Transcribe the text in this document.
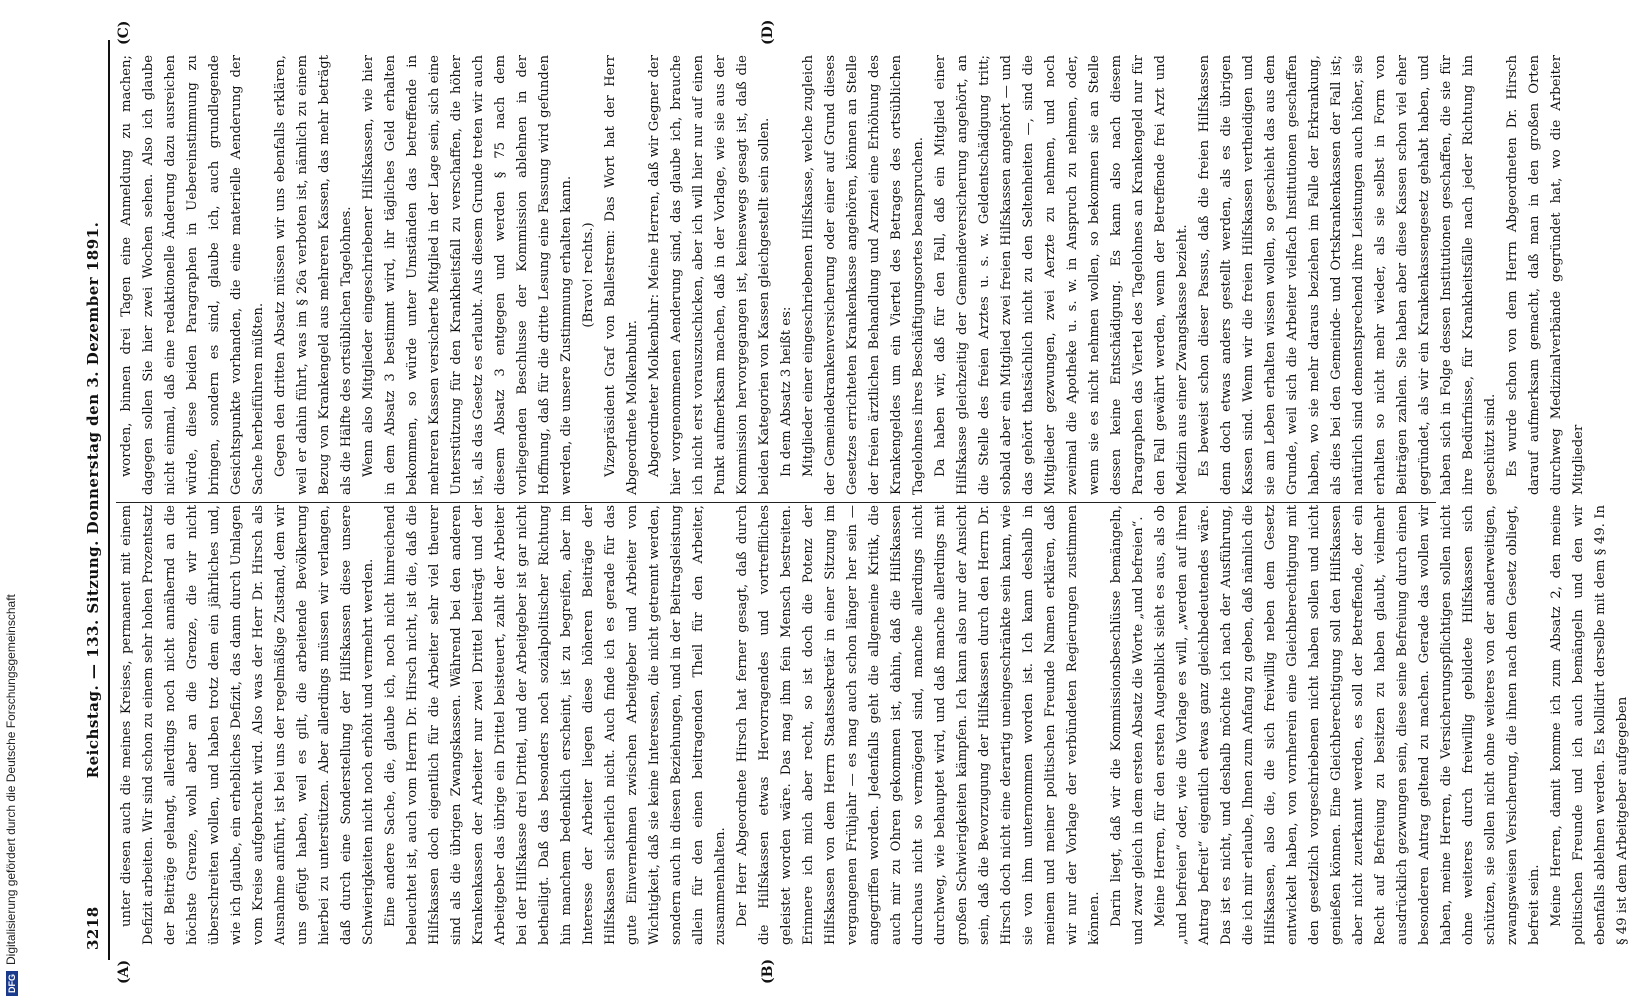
3218
Reichstag. — 133. Sitzung. Donnerstag den 3. Dezember 1891.
(A)	(B)
(C)	(D)

unter diesen auch die meines Kreises, permanent mit einem Defizit arbeiten. Wir sind schon zu einem sehr hohen Prozentsatz der Beiträge gelangt, allerdings noch nicht annähernd an die höchste Grenze, wohl aber an die Grenze, die wir nicht überschreiten wollen, und haben trotz dem ein jährliches und, wie ich glaube, ein erhebliches Defizit, das dann durch Umlagen vom Kreise aufgebracht wird. Also was der Herr Dr. Hirsch als Ausnahme anführt, ist bei uns der regelmäßige Zustand, dem wir uns gefügt haben, weil es gilt, die arbeitende Bevölkerung hierbei zu unterstützen. Aber allerdings müssen wir verlangen, daß durch eine Sonderstellung der Hilfskassen diese unsere Schwierigkeiten nicht noch erhöht und vermehrt werden. Eine andere Sache, die, glaube ich, noch nicht hinreichend beleuchtet ist, auch vom Herrn Dr. Hirsch nicht, ist die, daß die Hilfskassen doch eigentlich für die Arbeiter sehr viel theurer sind als die übrigen Zwangskassen. Während bei den anderen Krankenkassen der Arbeiter nur zwei Drittel beiträgt und der Arbeitgeber das übrige ein Drittel beisteuert, zahlt der Arbeiter bei der Hilfskasse drei Drittel, und der Arbeitgeber ist gar nicht betheiligt. Daß das besonders noch sozialpolitischer Richtung hin manchem bedenklich erscheint, ist zu begreifen, aber im Interesse der Arbeiter liegen diese höheren Beiträge der Hilfskassen sicherlich nicht. Auch finde ich es gerade für das gute Einvernehmen zwischen Arbeitgeber und Arbeiter von Wichtigkeit, daß sie keine Interessen, die nicht getrennt werden, sondern auch in diesen Beziehungen, und in der Beitragsleistung allein für den einen beitragenden Theil für den Arbeiter, zusammenhalten. Der Herr Abgeordnete Hirsch hat ferner gesagt, daß durch die Hilfskassen etwas Hervorragendes und vortreffliches geleistet worden wäre. Das mag ihm fein Mensch bestreiten. Erinnere ich mich aber recht, so ist doch die Potenz der Hilfskassen von dem Herrn Staatssekretär in einer Sitzung im vergangenen Frühjahr — es mag auch schon länger her sein — angegriffen worden. Jedenfalls geht die allgemeine Kritik, die auch mir zu Ohren gekommen ist, dahin, daß die Hilfskassen durchaus nicht so vermögend sind, manche allerdings nicht durchweg, wie behauptet wird, und daß manche allerdings mit großen Schwierigkeiten kämpfen. Ich kann also nur der Ansicht sein, daß die Bevorzugung der Hilfskassen durch den Herrn Dr. Hirsch doch nicht eine derartig uneingeschränkte sein kann, wie sie von ihm unternommen worden ist. Ich kann deshalb in meinem und meiner politischen Freunde Namen erklären, daß wir nur der Vorlage der verbündeten Regierungen zustimmen können. Darin liegt, daß wir die Kommissionsbeschlüsse bemängeln, und zwar gleich in dem ersten Absatz die Worte „und befreien“. Meine Herren, für den ersten Augenblick sieht es aus, als ob „und befreien“ oder, wie die Vorlage es will, „werden auf ihren Antrag befreit“ eigentlich etwas ganz gleichbedeutendes wäre. Das ist es nicht, und deshalb möchte ich nach der Ausführung, die ich mir erlaube, Ihnen zum Anfang zu geben, daß nämlich die Hilfskassen, also die, die sich freiwillig neben dem Gesetz entwickelt haben, von vornherein eine Gleichberechtigung mit den gesetzlich vorgeschriebenen nicht haben sollen und nicht genießen können. Eine Gleichberechtigung soll den Hilfskassen aber nicht zuerkannt werden, es soll der Betreffende, der ein Recht auf Befreiung zu besitzen zu haben glaubt, vielmehr ausdrücklich gezwungen sein, diese seine Befreiung durch einen besonderen Antrag geltend zu machen. Gerade das wollen wir haben, meine Herren, die Versicherungspflichtigen sollen nicht ohne weiteres durch freiwillig gebildete Hilfskassen sich schützen, sie sollen nicht ohne weiteres von der anderweitigen, zwangsweisen Versicherung, die ihnen nach dem Gesetz obliegt, befreit sein. Meine Herren, damit komme ich zum Absatz 2, den meine politischen Freunde und ich auch bemängeln und den wir ebenfalls ablehnen werden. Es kollidirt derselbe mit dem § 49. In § 49 ist dem Arbeitgeber aufgegeben

worden, binnen drei Tagen eine Anmeldung zu machen; dagegen sollen Sie hier zwei Wochen sehen. Also ich glaube nicht einmal, daß eine redaktionelle Änderung dazu ausreichen würde, diese beiden Paragraphen in Uebereinstimmung zu bringen, sondern es sind, glaube ich, auch grundlegende Gesichtspunkte vorhanden, die eine materielle Aenderung der Sache herbeiführen müßten. Gegen den dritten Absatz müssen wir uns ebenfalls erklären, weil er dahin führt, was im § 26a verboten ist, nämlich zu einem Bezug von Krankengeld aus mehreren Kassen, das mehr beträgt als die Hälfte des ortsüblichen Tagelohnes. Wenn also Mitglieder eingeschriebener Hilfskassen, wie hier in dem Absatz 3 bestimmt wird, ihr tägliches Geld erhalten bekommen, so würde unter Umständen das betreffende in mehreren Kassen versicherte Mitglied in der Lage sein, sich eine Unterstützung für den Krankheitsfall zu verschaffen, die höher ist, als das Gesetz es erlaubt. Aus diesem Grunde treten wir auch diesem Absatz 3 entgegen und werden § 75 nach dem vorliegenden Beschlusse der Kommission ablehnen in der Hoffnung, daß für die dritte Lesung eine Fassung wird gefunden werden, die unsere Zustimmung erhalten kann. (Bravo! rechts.) Vizepräsident Graf von Ballestrem: Das Wort hat der Herr Abgeordnete Molkenbuhr. Abgeordneter Molkenbuhr: Meine Herren, daß wir Gegner der hier vorgenommenen Aenderung sind, das glaube ich, brauche ich nicht erst vorauszuschicken, aber ich will hier nur auf einen Punkt aufmerksam machen, daß in der Vorlage, wie sie aus der Kommission hervorgegangen ist, keineswegs gesagt ist, daß die beiden Kategorien von Kassen gleichgestellt sein sollen. In dem Absatz 3 heißt es: Mitglieder einer eingeschriebenen Hilfskasse, welche zugleich der Gemeindekrankenversicherung oder einer auf Grund dieses Gesetzes errichteten Krankenkasse angehören, können an Stelle der freien ärztlichen Behandlung und Arznei eine Erhöhung des Krankengeldes um ein Viertel des Betrages des ortsüblichen Tagelohnes ihres Beschäftigungsortes beanspruchen. Da haben wir, daß für den Fall, daß ein Mitglied einer Hilfskasse gleichzeitig der Gemeindeversicherung angehört, an die Stelle des freien Arztes u. s. w. Geldentschädigung tritt; sobald aber ein Mitglied zwei freien Hilfskassen angehört — und das gehört thatsächlich nicht zu den Seltenheiten —, sind die Mitglieder gezwungen, zwei Aerzte zu nehmen, und noch zweimal die Apotheke u. s. w. in Anspruch zu nehmen, oder, wenn sie es nicht nehmen wollen, so bekommen sie an Stelle dessen keine Entschädigung. Es kann also nach diesem Paragraphen das Viertel des Tagelohnes an Krankengeld nur für den Fall gewährt werden, wenn der Betreffende frei Arzt und Medizin aus einer Zwangskasse bezieht. Es beweist schon dieser Passus, daß die freien Hilfskassen denn doch etwas anders gestellt werden, als es die übrigen Kassen sind. Wenn wir die freien Hilfskassen vertheidigen und sie am Leben erhalten wissen wollen, so geschieht das aus dem Grunde, weil sich die Arbeiter vielfach Institutionen geschaffen haben, wo sie mehr daraus beziehen im Falle der Erkrankung, als dies bei den Gemeinde- und Ortskrankenkassen der Fall ist; natürlich sind dementsprechend ihre Leistungen auch höher, sie erhalten so nicht mehr wieder, als sie selbst in Form von Beiträgen zahlen. Sie haben aber diese Kassen schon viel eher gegründet, als wir ein Krankenkassengesetz gehabt haben, und haben sich in Folge dessen Institutionen geschaffen, die sie für ihre Bedürfnisse, für Krankheitsfälle nach jeder Richtung hin geschützt sind. Es wurde schon von dem Herrn Abgeordneten Dr. Hirsch darauf aufmerksam gemacht, daß man in den großen Orten durchweg Medizinalverbände gegründet hat, wo die Arbeiter Mitglieder

DFGDigitalisierung gefördert durch die Deutsche Forschungsgemeinschaft
